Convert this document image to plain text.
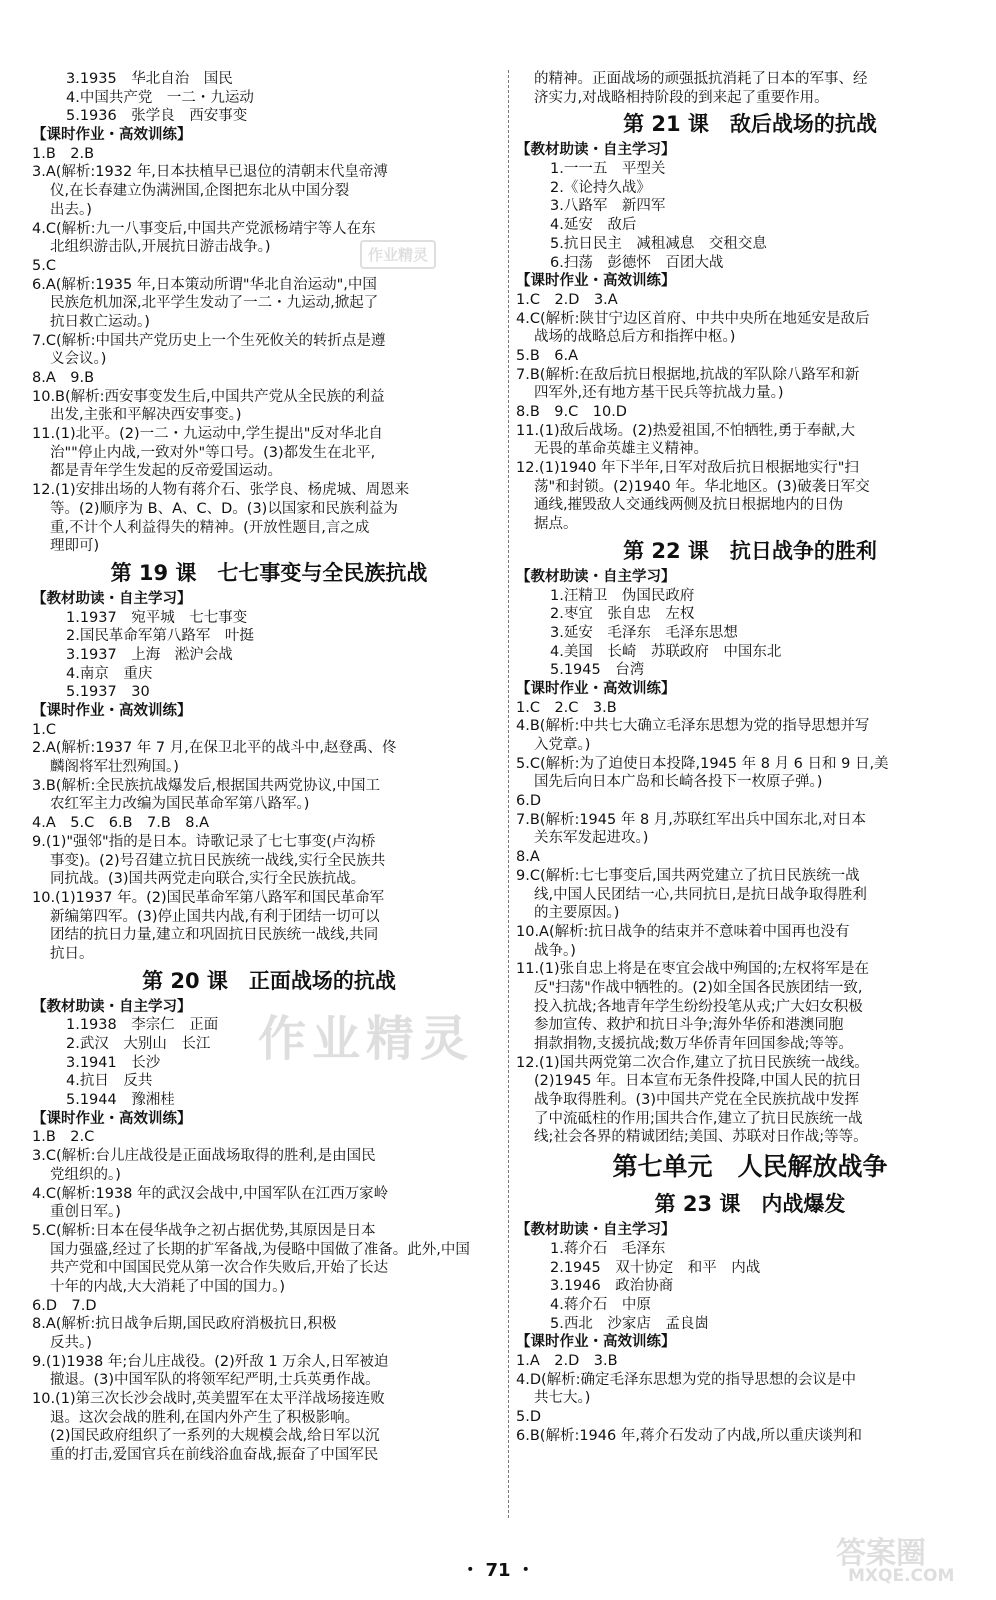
3.1935　华北自治　国民
4.中国共产党　一二・九运动
5.1936　张学良　西安事变
【课时作业・高效训练】
1.B　2.B
3.A(解析:1932 年,日本扶植早已退位的清朝末代皇帝溥
仪,在长春建立伪满洲国,企图把东北从中国分裂
出去。)
4.C(解析:九一八事变后,中国共产党派杨靖宇等人在东
北组织游击队,开展抗日游击战争。)
5.C
6.A(解析:1935 年,日本策动所谓"华北自治运动",中国
民族危机加深,北平学生发动了一二・九运动,掀起了
抗日救亡运动。)
7.C(解析:中国共产党历史上一个生死攸关的转折点是遵
义会议。)
8.A　9.B
10.B(解析:西安事变发生后,中国共产党从全民族的利益
出发,主张和平解决西安事变。)
11.(1)北平。(2)一二・九运动中,学生提出"反对华北自
治""停止内战,一致对外"等口号。(3)都发生在北平,
都是青年学生发起的反帝爱国运动。
12.(1)安排出场的人物有蒋介石、张学良、杨虎城、周恩来
等。(2)顺序为 B、A、C、D。(3)以国家和民族利益为
重,不计个人利益得失的精神。(开放性题目,言之成
理即可)
第 19 课　七七事变与全民族抗战
【教材助读・自主学习】
1.1937　宛平城　七七事变
2.国民革命军第八路军　叶挺
3.1937　上海　淞沪会战
4.南京　重庆
5.1937　30
【课时作业・高效训练】
1.C
2.A(解析:1937 年 7 月,在保卫北平的战斗中,赵登禹、佟
麟阁将军壮烈殉国。)
3.B(解析:全民族抗战爆发后,根据国共两党协议,中国工
农红军主力改编为国民革命军第八路军。)
4.A　5.C　6.B　7.B　8.A
9.(1)"强邻"指的是日本。诗歌记录了七七事变(卢沟桥
事变)。(2)号召建立抗日民族统一战线,实行全民族共
同抗战。(3)国共两党走向联合,实行全民族抗战。
10.(1)1937 年。(2)国民革命军第八路军和国民革命军
新编第四军。(3)停止国共内战,有利于团结一切可以
团结的抗日力量,建立和巩固抗日民族统一战线,共同
抗日。
第 20 课　正面战场的抗战
【教材助读・自主学习】
1.1938　李宗仁　正面
2.武汉　大别山　长江
3.1941　长沙
4.抗日　反共
5.1944　豫湘桂
【课时作业・高效训练】
1.B　2.C
3.C(解析:台儿庄战役是正面战场取得的胜利,是由国民
党组织的。)
4.C(解析:1938 年的武汉会战中,中国军队在江西万家岭
重创日军。)
5.C(解析:日本在侵华战争之初占据优势,其原因是日本
国力强盛,经过了长期的扩军备战,为侵略中国做了准备。此外,中国
共产党和中国国民党从第一次合作失败后,开始了长达
十年的内战,大大消耗了中国的国力。)
6.D　7.D
8.A(解析:抗日战争后期,国民政府消极抗日,积极
反共。)
9.(1)1938 年;台儿庄战役。(2)歼敌 1 万余人,日军被迫
撤退。(3)中国军队的将领军纪严明,士兵英勇作战。
10.(1)第三次长沙会战时,英美盟军在太平洋战场接连败
退。这次会战的胜利,在国内外产生了积极影响。
(2)国民政府组织了一系列的大规模会战,给日军以沉
重的打击,爱国官兵在前线浴血奋战,振奋了中国军民
的精神。正面战场的顽强抵抗消耗了日本的军事、经
济实力,对战略相持阶段的到来起了重要作用。
第 21 课　敌后战场的抗战
【教材助读・自主学习】
1.一一五　平型关
2.《论持久战》
3.八路军　新四军
4.延安　敌后
5.抗日民主　减租减息　交租交息
6.扫荡　彭德怀　百团大战
【课时作业・高效训练】
1.C　2.D　3.A
4.C(解析:陕甘宁边区首府、中共中央所在地延安是敌后
战场的战略总后方和指挥中枢。)
5.B　6.A
7.B(解析:在敌后抗日根据地,抗战的军队除八路军和新
四军外,还有地方基干民兵等抗战力量。)
8.B　9.C　10.D
11.(1)敌后战场。(2)热爱祖国,不怕牺牲,勇于奉献,大
无畏的革命英雄主义精神。
12.(1)1940 年下半年,日军对敌后抗日根据地实行"扫
荡"和封锁。(2)1940 年。华北地区。(3)破袭日军交
通线,摧毁敌人交通线两侧及抗日根据地内的日伪
据点。
第 22 课　抗日战争的胜利
【教材助读・自主学习】
1.汪精卫　伪国民政府
2.枣宜　张自忠　左权
3.延安　毛泽东　毛泽东思想
4.美国　长崎　苏联政府　中国东北
5.1945　台湾
【课时作业・高效训练】
1.C　2.C　3.B
4.B(解析:中共七大确立毛泽东思想为党的指导思想并写
入党章。)
5.C(解析:为了迫使日本投降,1945 年 8 月 6 日和 9 日,美
国先后向日本广岛和长崎各投下一枚原子弹。)
6.D
7.B(解析:1945 年 8 月,苏联红军出兵中国东北,对日本
关东军发起进攻。)
8.A
9.C(解析:七七事变后,国共两党建立了抗日民族统一战
线,中国人民团结一心,共同抗日,是抗日战争取得胜利
的主要原因。)
10.A(解析:抗日战争的结束并不意味着中国再也没有
战争。)
11.(1)张自忠上将是在枣宜会战中殉国的;左权将军是在
反"扫荡"作战中牺牲的。(2)如全国各民族团结一致,
投入抗战;各地青年学生纷纷投笔从戎;广大妇女积极
参加宣传、救护和抗日斗争;海外华侨和港澳同胞
捐款捐物,支援抗战;数万华侨青年回国参战;等等。
12.(1)国共两党第二次合作,建立了抗日民族统一战线。
(2)1945 年。日本宣布无条件投降,中国人民的抗日
战争取得胜利。(3)中国共产党在全民族抗战中发挥
了中流砥柱的作用;国共合作,建立了抗日民族统一战
线;社会各界的精诚团结;美国、苏联对日作战;等等。
第七单元　人民解放战争
第 23 课　内战爆发
【教材助读・自主学习】
1.蒋介石　毛泽东
2.1945　双十协定　和平　内战
3.1946　政治协商
4.蒋介石　中原
5.西北　沙家店　孟良崮
【课时作业・高效训练】
1.A　2.D　3.B
4.D(解析:确定毛泽东思想为党的指导思想的会议是中
共七大。)
5.D
6.B(解析:1946 年,蒋介石发动了内战,所以重庆谈判和
・ 71 ・
作业精灵
作业精灵
答案圈
MXQE.COM
